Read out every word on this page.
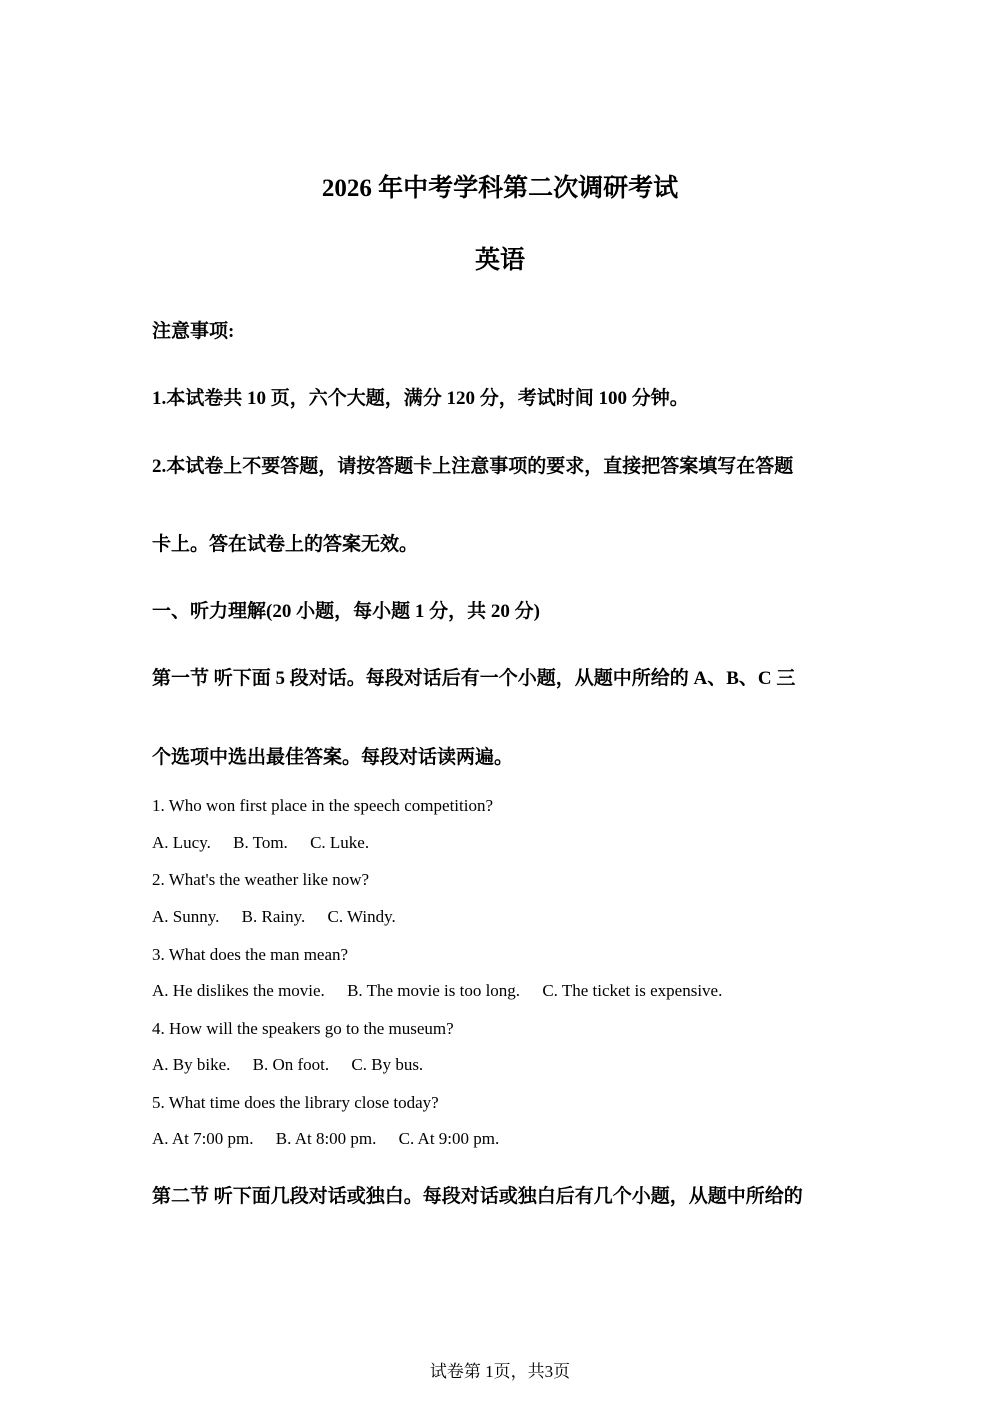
2026 年中考学科第二次调研考试
英语
注意事项:
1.本试卷共 10 页，六个大题，满分 120 分，考试时间 100 分钟。
2.本试卷上不要答题，请按答题卡上注意事项的要求，直接把答案填写在答题
卡上。答在试卷上的答案无效。
一、听力理解(20 小题，每小题 1 分，共 20 分)
第一节 听下面 5 段对话。每段对话后有一个小题，从题中所给的 A、B、C 三
个选项中选出最佳答案。每段对话读两遍。
1. Who won first place in the speech competition?
A. Lucy. B. Tom. C. Luke.
2. What's the weather like now?
A. Sunny. B. Rainy. C. Windy.
3. What does the man mean?
A. He dislikes the movie. B. The movie is too long. C. The ticket is expensive.
4. How will the speakers go to the museum?
A. By bike. B. On foot. C. By bus.
5. What time does the library close today?
A. At 7:00 pm. B. At 8:00 pm. C. At 9:00 pm.
第二节 听下面几段对话或独白。每段对话或独白后有几个小题，从题中所给的
试卷第 1页，共3页
